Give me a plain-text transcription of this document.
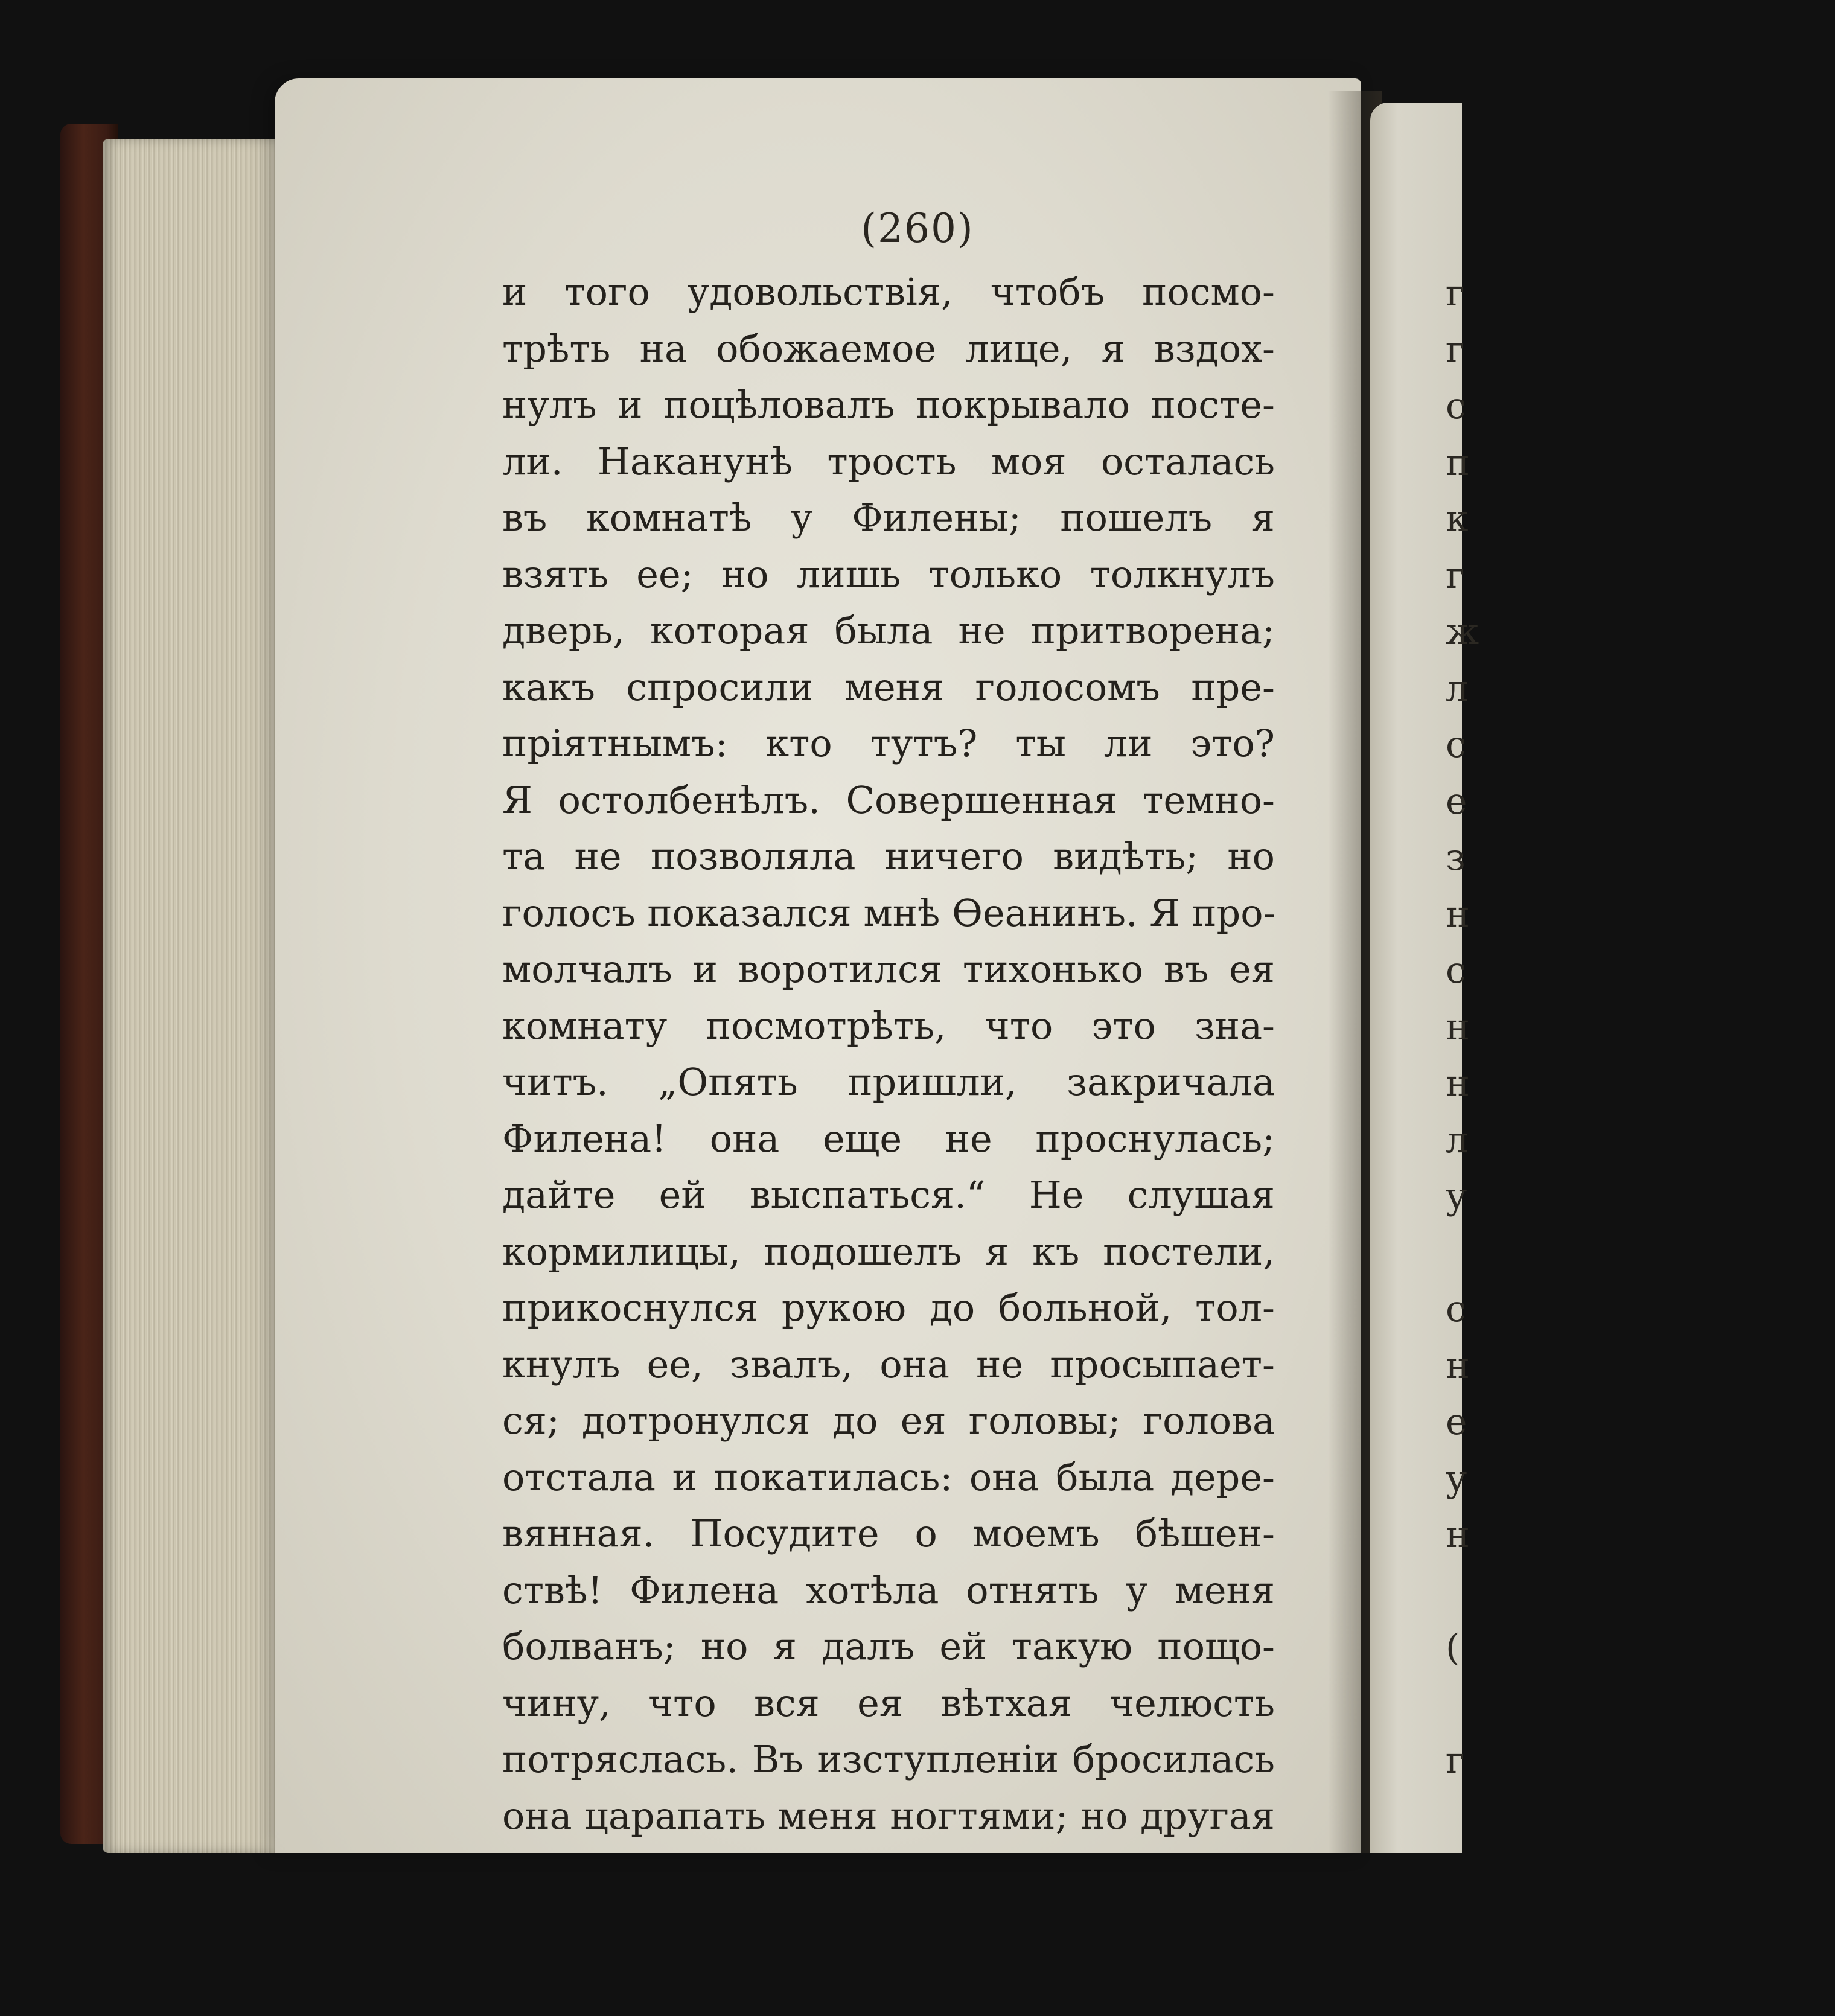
г
г
с
п
к
г
ж
л
с
е
з
н
с
н
н
л
у
с
н
е
у
н
(
г
(260)
и того удовольствія, чтобъ посмо-
трѣть на обожаемое лице, я вздох-
нулъ и поцѣловалъ покрывало посте-
ли. Наканунѣ трость моя осталась
въ комнатѣ у Филены; пошелъ я
взять ее; но лишь только толкнулъ
дверь, которая была не притворена;
какъ спросили меня голосомъ пре-
пріятнымъ: кто тутъ? ты ли это?
Я остолбенѣлъ. Совершенная темно-
та не позволяла ничего видѣть; но
голосъ показался мнѣ Өеанинъ. Я про-
молчалъ и воротился тихонько въ ея
комнату посмотрѣть, что это зна-
читъ. „Опять пришли, закричала
Филена! она еще не проснулась;
дайте ей выспаться.“ Не слушая
кормилицы, подошелъ я къ постели,
прикоснулся рукою до больной, тол-
кнулъ ее, звалъ, она не просыпает-
ся; дотронулся до ея головы; голова
отстала и покатилась: она была дере-
вянная. Посудите о моемъ бѣшен-
ствѣ! Филена хотѣла отнять у меня
болванъ; но я далъ ей такую пощо-
чину, что вся ея вѣтхая челюсть
потряслась. Въ изступленіи бросилась
она царапать меня ногтями; но другая
